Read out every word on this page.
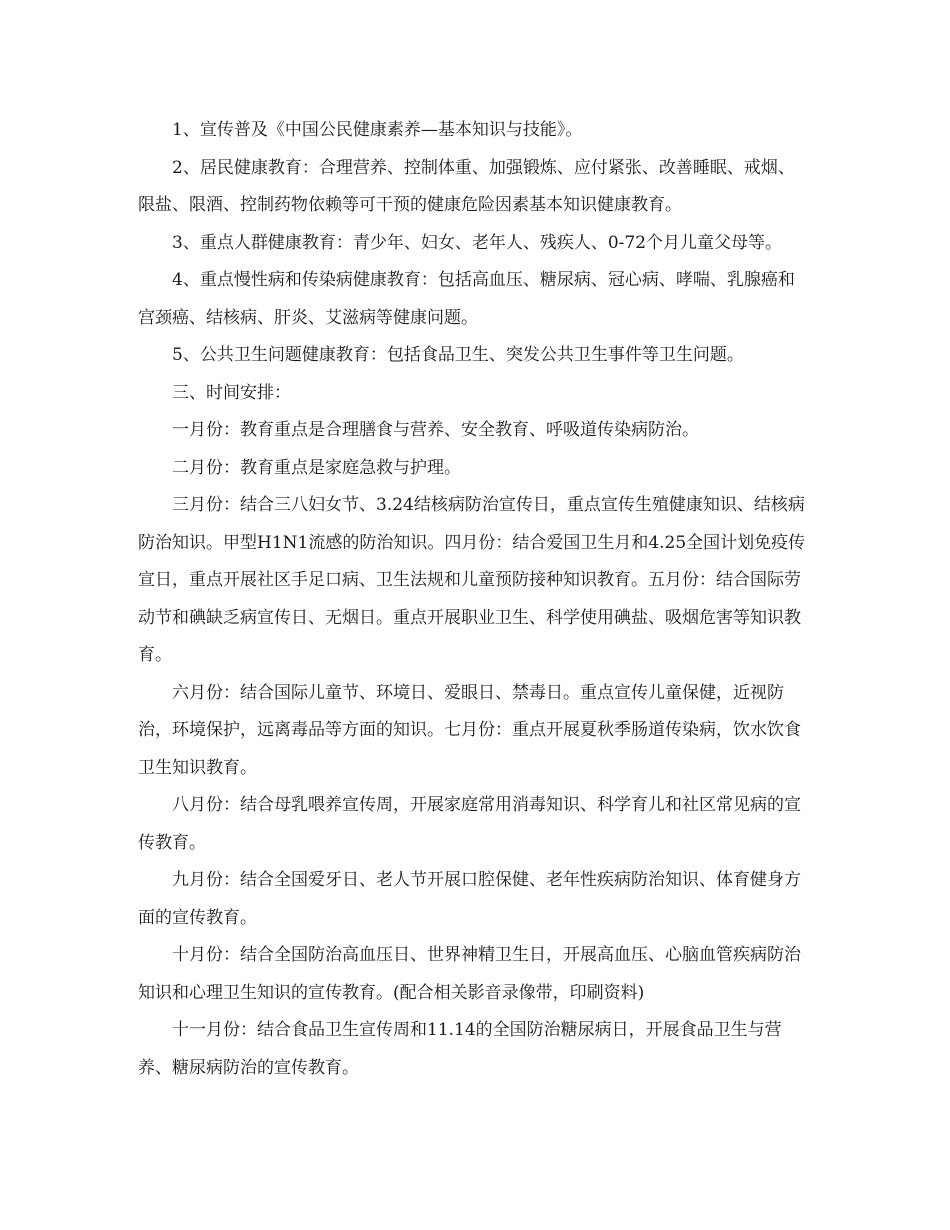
1、宣传普及《中国公民健康素养—基本知识与技能》。

2、居民健康教育：合理营养、控制体重、加强锻炼、应付紧张、改善睡眠、戒烟、限盐、限酒、控制药物依赖等可干预的健康危险因素基本知识健康教育。

3、重点人群健康教育：青少年、妇女、老年人、残疾人、0-72个月儿童父母等。

4、重点慢性病和传染病健康教育：包括高血压、糖尿病、冠心病、哮喘、乳腺癌和宫颈癌、结核病、肝炎、艾滋病等健康问题。

5、公共卫生问题健康教育：包括食品卫生、突发公共卫生事件等卫生问题。

三、时间安排：

一月份：教育重点是合理膳食与营养、安全教育、呼吸道传染病防治。

二月份：教育重点是家庭急救与护理。

三月份：结合三八妇女节、3.24结核病防治宣传日，重点宣传生殖健康知识、结核病防治知识。甲型H1N1流感的防治知识。四月份：结合爱国卫生月和4.25全国计划免疫传宣日，重点开展社区手足口病、卫生法规和儿童预防接种知识教育。五月份：结合国际劳动节和碘缺乏病宣传日、无烟日。重点开展职业卫生、科学使用碘盐、吸烟危害等知识教育。

六月份：结合国际儿童节、环境日、爱眼日、禁毒日。重点宣传儿童保健，近视防治，环境保护，远离毒品等方面的知识。七月份：重点开展夏秋季肠道传染病，饮水饮食卫生知识教育。

八月份：结合母乳喂养宣传周，开展家庭常用消毒知识、科学育儿和社区常见病的宣传教育。

九月份：结合全国爱牙日、老人节开展口腔保健、老年性疾病防治知识、体育健身方面的宣传教育。

十月份：结合全国防治高血压日、世界神精卫生日，开展高血压、心脑血管疾病防治知识和心理卫生知识的宣传教育。(配合相关影音录像带，印刷资料)

十一月份：结合食品卫生宣传周和11.14的全国防治糖尿病日，开展食品卫生与营养、糖尿病防治的宣传教育。
